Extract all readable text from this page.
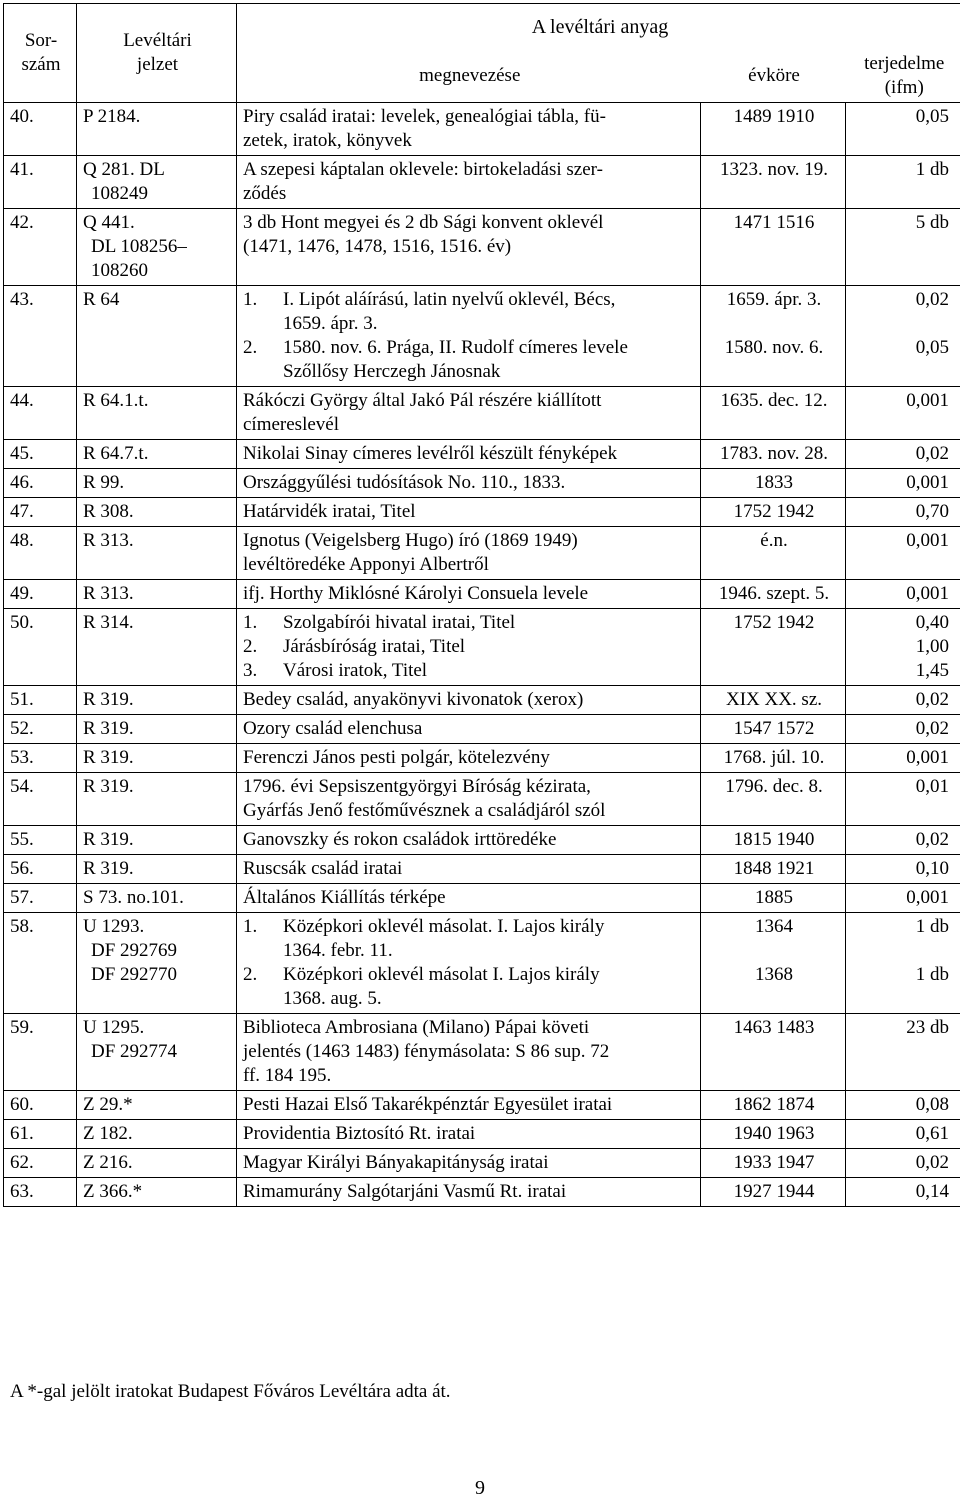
Sor-
szám	Levéltári
jelzet	A levéltári anyag		
		megnevezése	évköre	terjedelme
(ifm)

40.	P 2184.	Piry család iratai: levelek, genealógiai tábla, fü-
zetek, iratok, könyvek	1489 1910	0,05

41.	Q 281. DL
108249	A szepesi káptalan oklevele: birtokeladási szer-
ződés	1323. nov. 19.	1 db

42.	Q 441.
DL 108256–
108260	3 db Hont megyei és 2 db Sági konvent oklevél
(1471, 1476, 1478, 1516, 1516. év)	1471 1516	5 db

43.	R 64	1. I. Lipót aláírású, latin nyelvű oklevél, Bécs,
1659. ápr. 3.
2. 1580. nov. 6. Prága, II. Rudolf címeres levele
Szőllősy Herczegh Jánosnak	1659. ápr. 3.
1580. nov. 6.	0,02
0,05

44.	R 64.1.t.	Rákóczi György által Jakó Pál részére kiállított
címereslevél	1635. dec. 12.	0,001

45.	R 64.7.t.	Nikolai Sinay címeres levélről készült fényképek	1783. nov. 28.	0,02

46.	R 99.	Országgyűlési tudósítások No. 110., 1833.	1833	0,001

47.	R 308.	Határvidék iratai, Titel	1752 1942	0,70

48.	R 313.	Ignotus (Veigelsberg Hugo) író (1869 1949)
levéltöredéke Apponyi Albertről	é.n.	0,001

49.	R 313.	ifj. Horthy Miklósné Károlyi Consuela levele	1946. szept. 5.	0,001

50.	R 314.	1. Szolgabírói hivatal iratai, Titel
2. Járásbíróság iratai, Titel
3. Városi iratok, Titel	1752 1942	0,40
1,00
1,45

51.	R 319.	Bedey család, anyakönyvi kivonatok (xerox)	XIX XX. sz.	0,02

52.	R 319.	Ozory család elenchusa	1547 1572	0,02

53.	R 319.	Ferenczi János pesti polgár, kötelezvény	1768. júl. 10.	0,001

54.	R 319.	1796. évi Sepsiszentgyörgyi Bíróság kézirata,
Gyárfás Jenő festőművésznek a családjáról szól	1796. dec. 8.	0,01

55.	R 319.	Ganovszky és rokon családok irttöredéke	1815 1940	0,02

56.	R 319.	Ruscsák család iratai	1848 1921	0,10

57.	S 73. no.101.	Általános Kiállítás térképe	1885	0,001

58.	U 1293.
DF 292769
DF 292770	1. Középkori oklevél másolat. I. Lajos király
1364. febr. 11.
2. Középkori oklevél másolat I. Lajos király
1368. aug. 5.	1364
1368	1 db
1 db

59.	U 1295.
DF 292774	Biblioteca Ambrosiana (Milano) Pápai követi
jelentés (1463 1483) fénymásolata: S 86 sup. 72
ff. 184 195.	1463 1483	23 db

60.	Z 29.*	Pesti Hazai Első Takarékpénztár Egyesület iratai	1862 1874	0,08

61.	Z 182.	Providentia Biztosító Rt. iratai	1940 1963	0,61

62.	Z 216.	Magyar Királyi Bányakapitányság iratai	1933 1947	0,02

63.	Z 366.*	Rimamurány Salgótarjáni Vasmű Rt. iratai	1927 1944	0,14
A *-gal jelölt iratokat Budapest Főváros Levéltára adta át.
9
